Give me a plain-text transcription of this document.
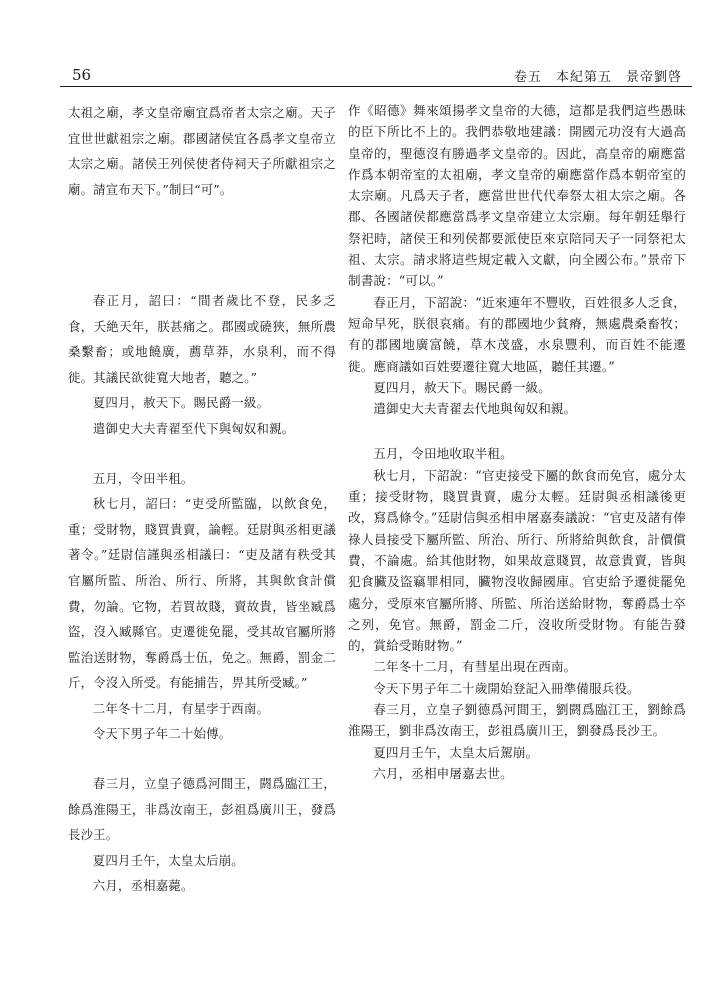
56	卷五　本紀第五　景帝劉啓

太祖之廟，孝文皇帝廟宜爲帝者太宗之廟。天子宜世世獻祖宗之廟。郡國諸侯宜各爲孝文皇帝立太宗之廟。諸侯王列侯使者侍祠天子所獻祖宗之廟。請宣布天下。”制曰“可”。

春正月，詔曰：“間者歲比不登，民多乏食，夭絶天年，朕甚痛之。郡國或磽狹，無所農桑繫畜；或地饒廣，薦草莽，水泉利，而不得徙。其議民欲徙寬大地者，聽之。”

夏四月，赦天下。賜民爵一級。

遣御史大夫青翟至代下與匈奴和親。

五月，令田半租。

秋七月，詔曰：“吏受所監臨，以飲食免，重；受財物，賤買貴賣，論輕。廷尉與丞相更議著令。”廷尉信謹與丞相議曰：“吏及諸有秩受其官屬所監、所治、所行、所將，其與飲食計償費，勿論。它物，若買故賤，賣故貴，皆坐臧爲盜，沒入臧縣官。吏遷徙免罷，受其故官屬所將監治送財物，奪爵爲士伍，免之。無爵，罰金二斤，令沒入所受。有能捕告，畀其所受臧。”

二年冬十二月，有星孛于西南。

令天下男子年二十始傅。

春三月，立皇子德爲河間王，閼爲臨江王，餘爲淮陽王，非爲汝南王，彭祖爲廣川王，發爲長沙王。

夏四月壬午，太皇太后崩。

六月，丞相嘉薨。

作《昭德》舞來頌揚孝文皇帝的大德，這都是我們這些愚昧的臣下所比不上的。我們恭敬地建議：開國元功沒有大過高皇帝的，聖德沒有勝過孝文皇帝的。因此，高皇帝的廟應當作爲本朝帝室的太祖廟，孝文皇帝的廟應當作爲本朝帝室的太宗廟。凡爲天子者，應當世世代代奉祭太祖太宗之廟。各郡、各國諸侯都應當爲孝文皇帝建立太宗廟。每年朝廷舉行祭祀時，諸侯王和列侯都要派使臣來京陪同天子一同祭祀太祖、太宗。請求將這些規定載入文獻，向全國公布。”景帝下制書說：“可以。”

春正月，下詔說：“近來連年不豐收，百姓很多人乏食，短命早死，朕很哀痛。有的郡國地少貧瘠，無處農桑畜牧；有的郡國地廣富饒，草木茂盛，水泉豐利，而百姓不能遷徙。應商議如百姓要遷往寬大地區，聽任其遷。”

夏四月，赦天下。賜民爵一級。

遣御史大夫青翟去代地與匈奴和親。

五月，令田地收取半租。

秋七月，下詔說：“官吏接受下屬的飲食而免官，處分太重；接受財物，賤買貴賣，處分太輕。廷尉與丞相議後更改，寫爲條令。”廷尉信與丞相申屠嘉奏議說：“官吏及諸有俸祿人員接受下屬所監、所治、所行、所將給與飲食，計價償費，不論處。給其他財物，如果故意賤買，故意貴賣，皆與犯食臟及盜竊罪相同，臟物沒收歸國庫。官吏給予遷徙罷免處分，受原來官屬所將、所監、所治送給財物，奪爵爲士卒之列，免官。無爵，罰金二斤，沒收所受財物。有能告發的，賞給受賄財物。”

二年冬十二月，有彗星出現在西南。

令天下男子年二十歲開始登記入冊準備服兵役。

春三月，立皇子劉德爲河間王，劉閼爲臨江王，劉餘爲淮陽王，劉非爲汝南王，彭祖爲廣川王，劉發爲長沙王。

夏四月壬午，太皇太后駕崩。

六月，丞相申屠嘉去世。
